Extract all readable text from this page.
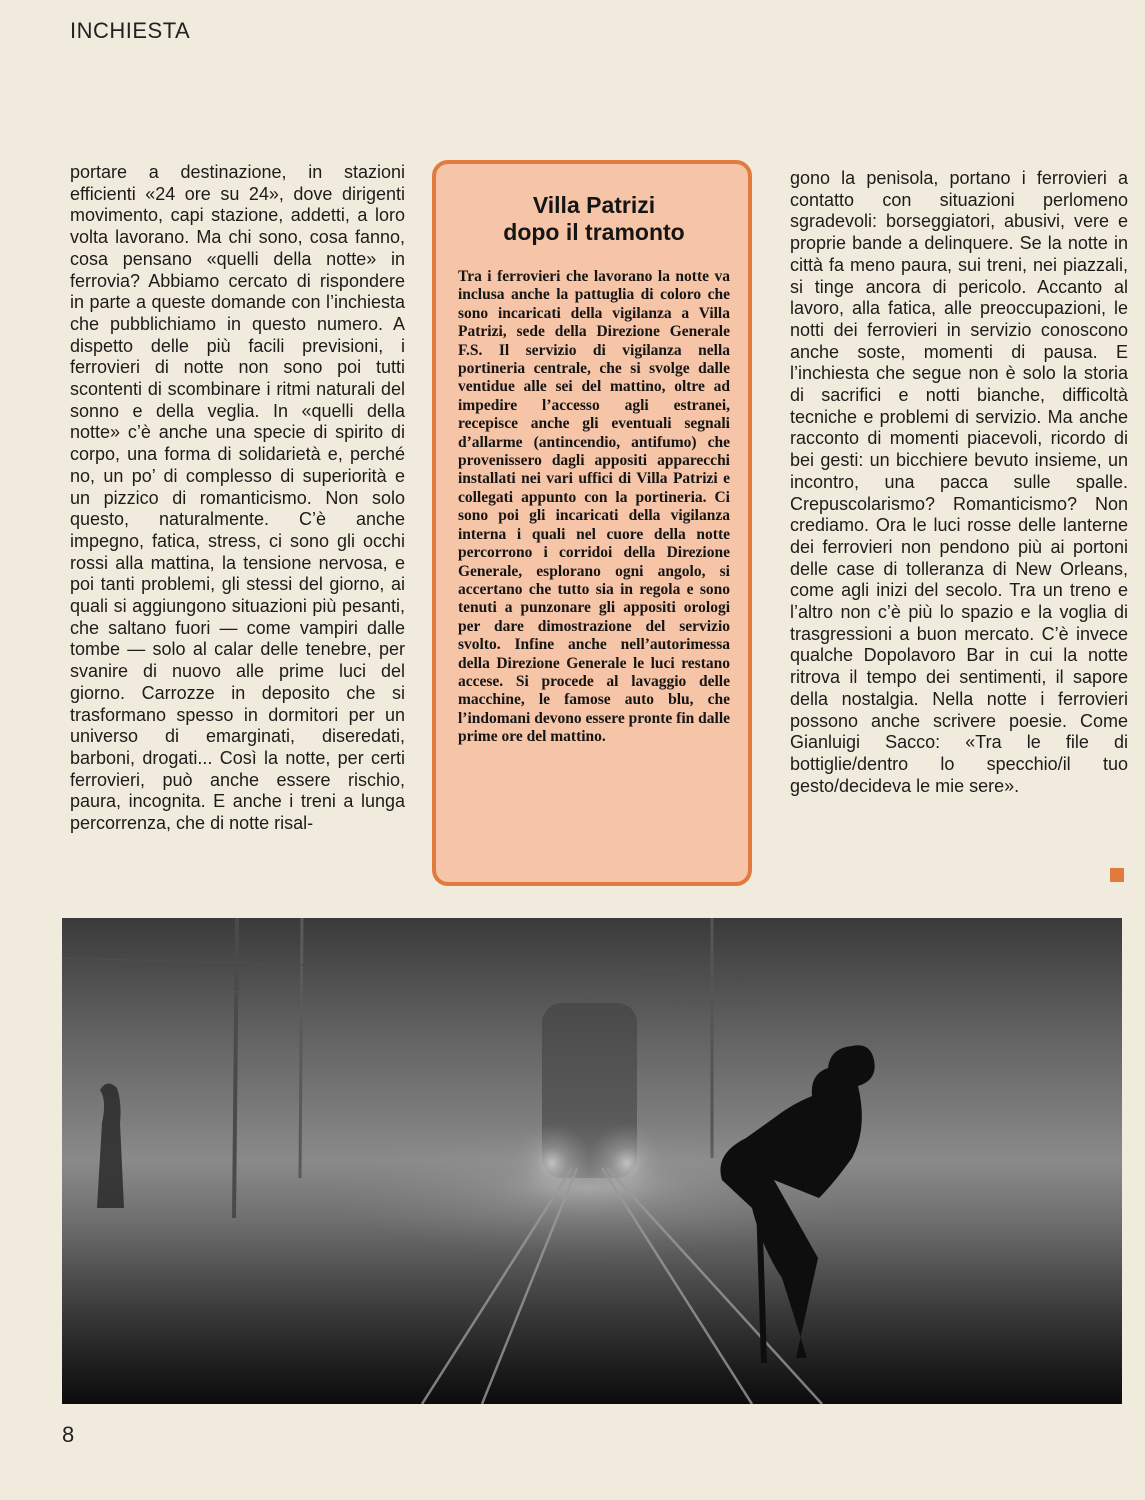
INCHIESTA

portare a destinazione, in stazioni efficienti «24 ore su 24», dove dirigenti movimento, capi stazione, addetti, a loro volta lavorano. Ma chi sono, cosa fanno, cosa pensano «quelli della notte» in ferrovia? Abbiamo cercato di rispondere in parte a queste domande con l’inchiesta che pubblichiamo in questo numero. A dispetto delle più facili previsioni, i ferrovieri di notte non sono poi tutti scontenti di scombinare i ritmi naturali del sonno e della veglia. In «quelli della notte» c’è anche una specie di spirito di corpo, una forma di solidarietà e, perché no, un po’ di complesso di superiorità e un pizzico di romanticismo. Non solo questo, naturalmente. C’è anche impegno, fatica, stress, ci sono gli occhi rossi alla mattina, la tensione nervosa, e poi tanti problemi, gli stessi del giorno, ai quali si aggiungono situazioni più pesanti, che saltano fuori — come vampiri dalle tombe — solo al calar delle tenebre, per svanire di nuovo alle prime luci del giorno. Carrozze in deposito che si trasformano spesso in dormitori per un universo di emarginati, diseredati, barboni, drogati... Così la notte, per certi ferrovieri, può anche essere rischio, paura, incognita. E anche i treni a lunga percorrenza, che di notte risal-

Villa Patrizi
dopo il tramonto

Tra i ferrovieri che lavorano la notte va inclusa anche la pattuglia di coloro che sono incaricati della vigilanza a Villa Patrizi, sede della Direzione Generale F.S. Il servizio di vigilanza nella portineria centrale, che si svolge dalle ventidue alle sei del mattino, oltre ad impedire l’accesso agli estranei, recepisce anche gli eventuali segnali d’allarme (antincendio, antifumo) che provenissero dagli appositi apparecchi installati nei vari uffici di Villa Patrizi e collegati appunto con la portineria. Ci sono poi gli incaricati della vigilanza interna i quali nel cuore della notte percorrono i corridoi della Direzione Generale, esplorano ogni angolo, si accertano che tutto sia in regola e sono tenuti a punzonare gli appositi orologi per dare dimostrazione del servizio svolto. Infine anche nell’autorimessa della Direzione Generale le luci restano accese. Si procede al lavaggio delle macchine, le famose auto blu, che l’indomani devono essere pronte fin dalle prime ore del mattino.

gono la penisola, portano i ferrovieri a contatto con situazioni perlomeno sgradevoli: borseggiatori, abusivi, vere e proprie bande a delinquere. Se la notte in città fa meno paura, sui treni, nei piazzali, si tinge ancora di pericolo. Accanto al lavoro, alla fatica, alle preoccupazioni, le notti dei ferrovieri in servizio conoscono anche soste, momenti di pausa. E l’inchiesta che segue non è solo la storia di sacrifici e notti bianche, difficoltà tecniche e problemi di servizio. Ma anche racconto di momenti piacevoli, ricordo di bei gesti: un bicchiere bevuto insieme, un incontro, una pacca sulle spalle. Crepuscolarismo? Romanticismo? Non crediamo. Ora le luci rosse delle lanterne dei ferrovieri non pendono più ai portoni delle case di tolleranza di New Orleans, come agli inizi del secolo. Tra un treno e l’altro non c’è più lo spazio e la voglia di trasgressioni a buon mercato. C’è invece qualche Dopolavoro Bar in cui la notte ritrova il tempo dei sentimenti, il sapore della nostalgia. Nella notte i ferrovieri possono anche scrivere poesie. Come Gianluigi Sacco: «Tra le file di bottiglie/dentro lo specchio/il tuo gesto/decideva le mie sere».

8
